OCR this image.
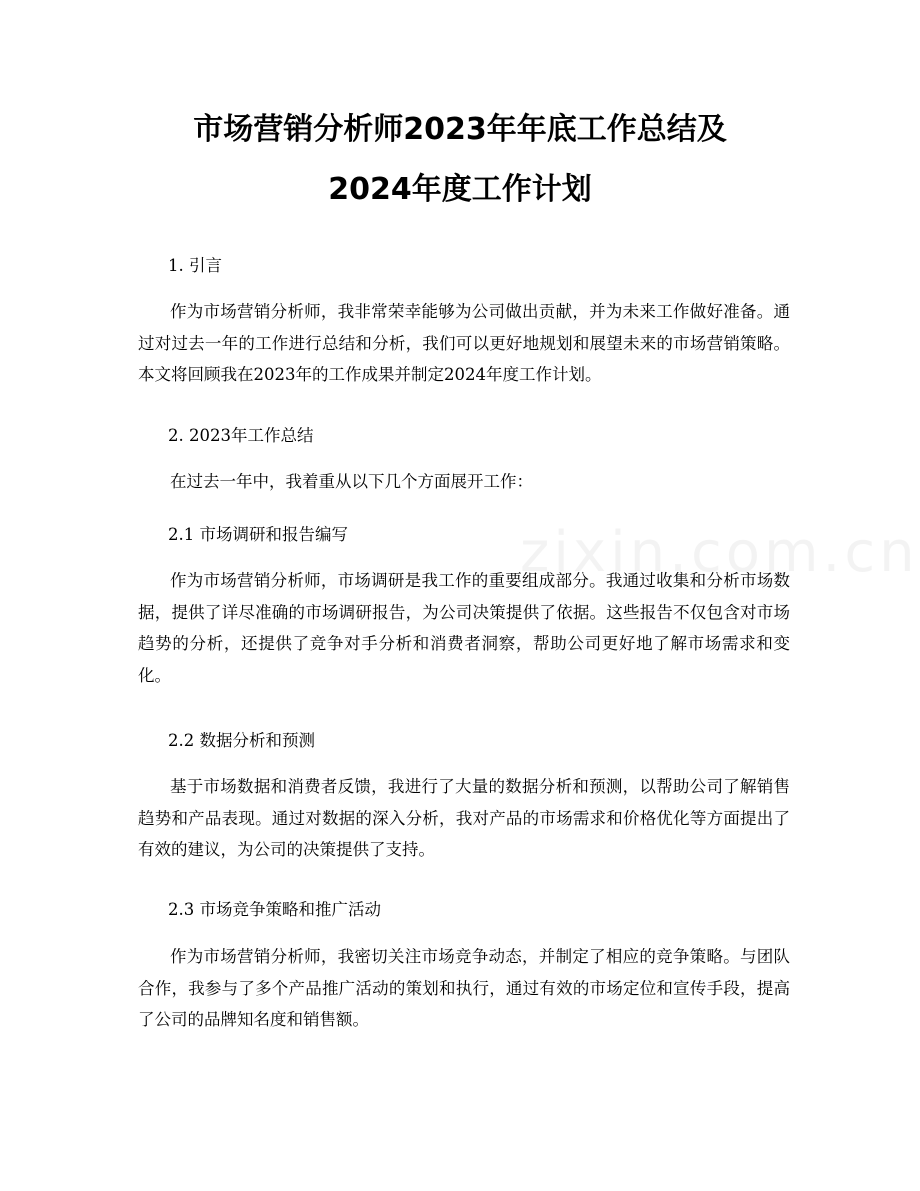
市场营销分析师2023年年底工作总结及
2024年度工作计划

1. 引言

作为市场营销分析师，我非常荣幸能够为公司做出贡献，并为未来工作做好准备。通过对过去一年的工作进行总结和分析，我们可以更好地规划和展望未来的市场营销策略。本文将回顾我在2023年的工作成果并制定2024年度工作计划。

2. 2023年工作总结

在过去一年中，我着重从以下几个方面展开工作：

2.1 市场调研和报告编写

作为市场营销分析师，市场调研是我工作的重要组成部分。我通过收集和分析市场数据，提供了详尽准确的市场调研报告，为公司决策提供了依据。这些报告不仅包含对市场趋势的分析，还提供了竞争对手分析和消费者洞察，帮助公司更好地了解市场需求和变化。

2.2 数据分析和预测

基于市场数据和消费者反馈，我进行了大量的数据分析和预测，以帮助公司了解销售趋势和产品表现。通过对数据的深入分析，我对产品的市场需求和价格优化等方面提出了有效的建议，为公司的决策提供了支持。

2.3 市场竞争策略和推广活动

作为市场营销分析师，我密切关注市场竞争动态，并制定了相应的竞争策略。与团队合作，我参与了多个产品推广活动的策划和执行，通过有效的市场定位和宣传手段，提高了公司的品牌知名度和销售额。
